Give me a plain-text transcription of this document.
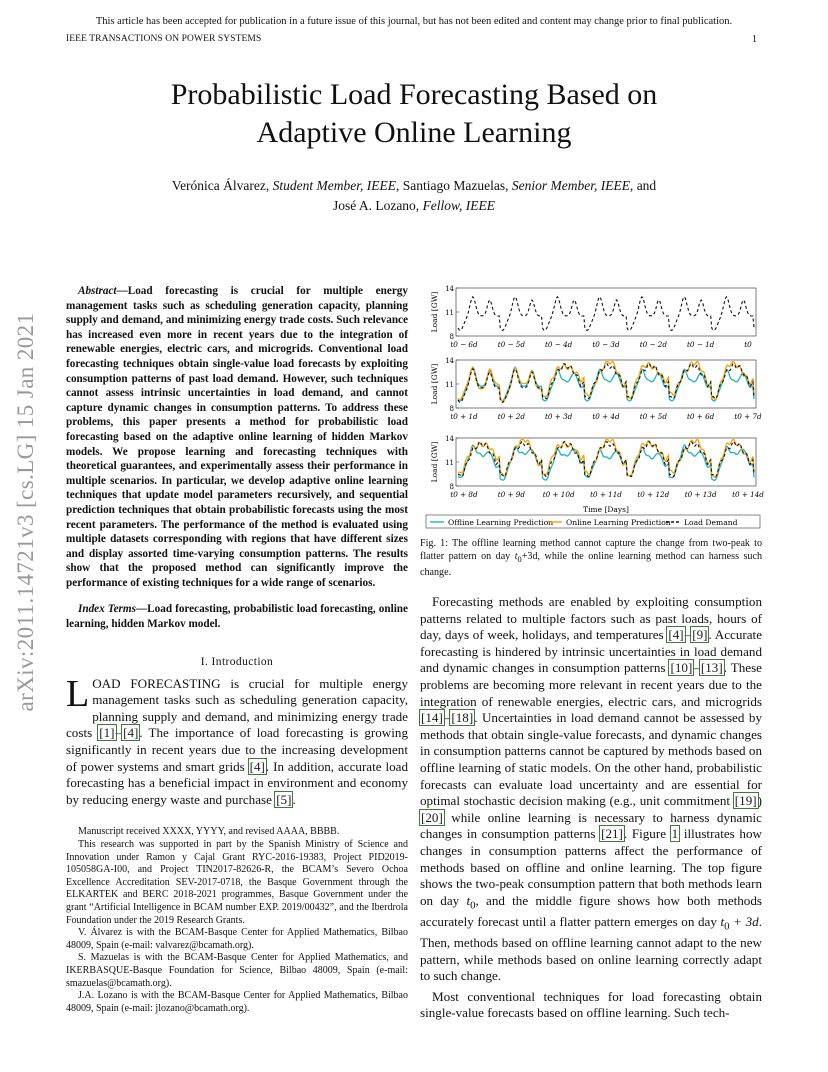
This article has been accepted for publication in a future issue of this journal, but has not been edited and content may change prior to final publication.
IEEE TRANSACTIONS ON POWER SYSTEMS	1
Probabilistic Load Forecasting Based on
Adaptive Online Learning
Verónica Álvarez, Student Member, IEEE, Santiago Mazuelas, Senior Member, IEEE, and
José A. Lozano, Fellow, IEEE
arXiv:2011.14721v3 [cs.LG] 15 Jan 2021

Abstract—Load forecasting is crucial for multiple energy management tasks such as scheduling generation capacity, planning supply and demand, and minimizing energy trade costs. Such relevance has increased even more in recent years due to the integration of renewable energies, electric cars, and microgrids. Conventional load forecasting techniques obtain single-value load forecasts by exploiting consumption patterns of past load demand. However, such techniques cannot assess intrinsic uncertainties in load demand, and cannot capture dynamic changes in consumption patterns. To address these problems, this paper presents a method for probabilistic load forecasting based on the adaptive online learning of hidden Markov models. We propose learning and forecasting techniques with theoretical guarantees, and experimentally assess their performance in multiple scenarios. In particular, we develop adaptive online learning techniques that update model parameters recursively, and sequential prediction techniques that obtain probabilistic forecasts using the most recent parameters. The performance of the method is evaluated using multiple datasets corresponding with regions that have different sizes and display assorted time-varying consumption patterns. The results show that the proposed method can significantly improve the performance of existing techniques for a wide range of scenarios.

Index Terms—Load forecasting, probabilistic load forecasting, online learning, hidden Markov model.

I. Introduction

LOAD FORECASTING is crucial for multiple energy management tasks such as scheduling generation capacity, planning supply and demand, and minimizing energy trade costs [1]–[4]. The importance of load forecasting is growing significantly in recent years due to the increasing development of power systems and smart grids [4]. In addition, accurate load forecasting has a beneficial impact in environment and economy by reducing energy waste and purchase [5].

Manuscript received XXXX, YYYY, and revised AAAA, BBBB.

This research was supported in part by the Spanish Ministry of Science and Innovation under Ramon y Cajal Grant RYC-2016-19383, Project PID2019-105058GA-I00, and Project TIN2017-82626-R, the BCAM’s Severo Ochoa Excellence Accreditation SEV-2017-0718, the Basque Government through the ELKARTEK and BERC 2018-2021 programmes, Basque Government under the grant “Artificial Intelligence in BCAM number EXP. 2019/00432”, and the Iberdrola Foundation under the 2019 Research Grants.

V. Álvarez is with the BCAM-Basque Center for Applied Mathematics, Bilbao 48009, Spain (e-mail: valvarez@bcamath.org).

S. Mazuelas is with the BCAM-Basque Center for Applied Mathematics, and IKERBASQUE-Basque Foundation for Science, Bilbao 48009, Spain (e-mail: smazuelas@bcamath.org).

J.A. Lozano is with the BCAM-Basque Center for Applied Mathematics, Bilbao 48009, Spain (e-mail: jlozano@bcamath.org).

8
11
14
Load [GW]
t0 − 6d	t0 − 5d	t0 − 4d	t0 − 3d	t0 − 2d	t0 − 1d	t0
8
11
14
Load [GW]
t0 + 1d	t0 + 2d	t0 + 3d	t0 + 4d	t0 + 5d	t0 + 6d	t0 + 7d
8
11
14
Load [GW]
t0 + 8d	t0 + 9d t0 + 10d t0 + 11d t0 + 12d t0 + 13d t0 + 14d
Time [Days]
Offline Learning Prediction Online Learning Prediction Load Demand
Fig. 1: The offline learning method cannot capture the change from two-peak to flatter pattern on day $t_0+3d$, while the online learning method can harness such change.

Forecasting methods are enabled by exploiting consumption patterns related to multiple factors such as past loads, hours of day, days of week, holidays, and temperatures [4]–[9]. Accurate forecasting is hindered by intrinsic uncertainties in load demand and dynamic changes in consumption patterns [10]–[13]. These problems are becoming more relevant in recent years due to the integration of renewable energies, electric cars, and microgrids [14]–[18]. Uncertainties in load demand cannot be assessed by methods that obtain single-value forecasts, and dynamic changes in consumption patterns cannot be captured by methods based on offline learning of static models. On the other hand, probabilistic forecasts can evaluate load uncertainty and are essential for optimal stochastic decision making (e.g., unit commitment [19]) [20] while online learning is necessary to harness dynamic changes in consumption patterns [21]. Figure 1 illustrates how changes in consumption patterns affect the performance of methods based on offline and online learning. The top figure shows the two-peak consumption pattern that both methods learn on day $t_0$, and the middle figure shows how both methods accurately forecast until a flatter pattern emerges on day $t_0 + 3d$. Then, methods based on offline learning cannot adapt to the new pattern, while methods based on online learning correctly adapt to such change.

Most conventional techniques for load forecasting obtain single-value forecasts based on offline learning. Such tech-
